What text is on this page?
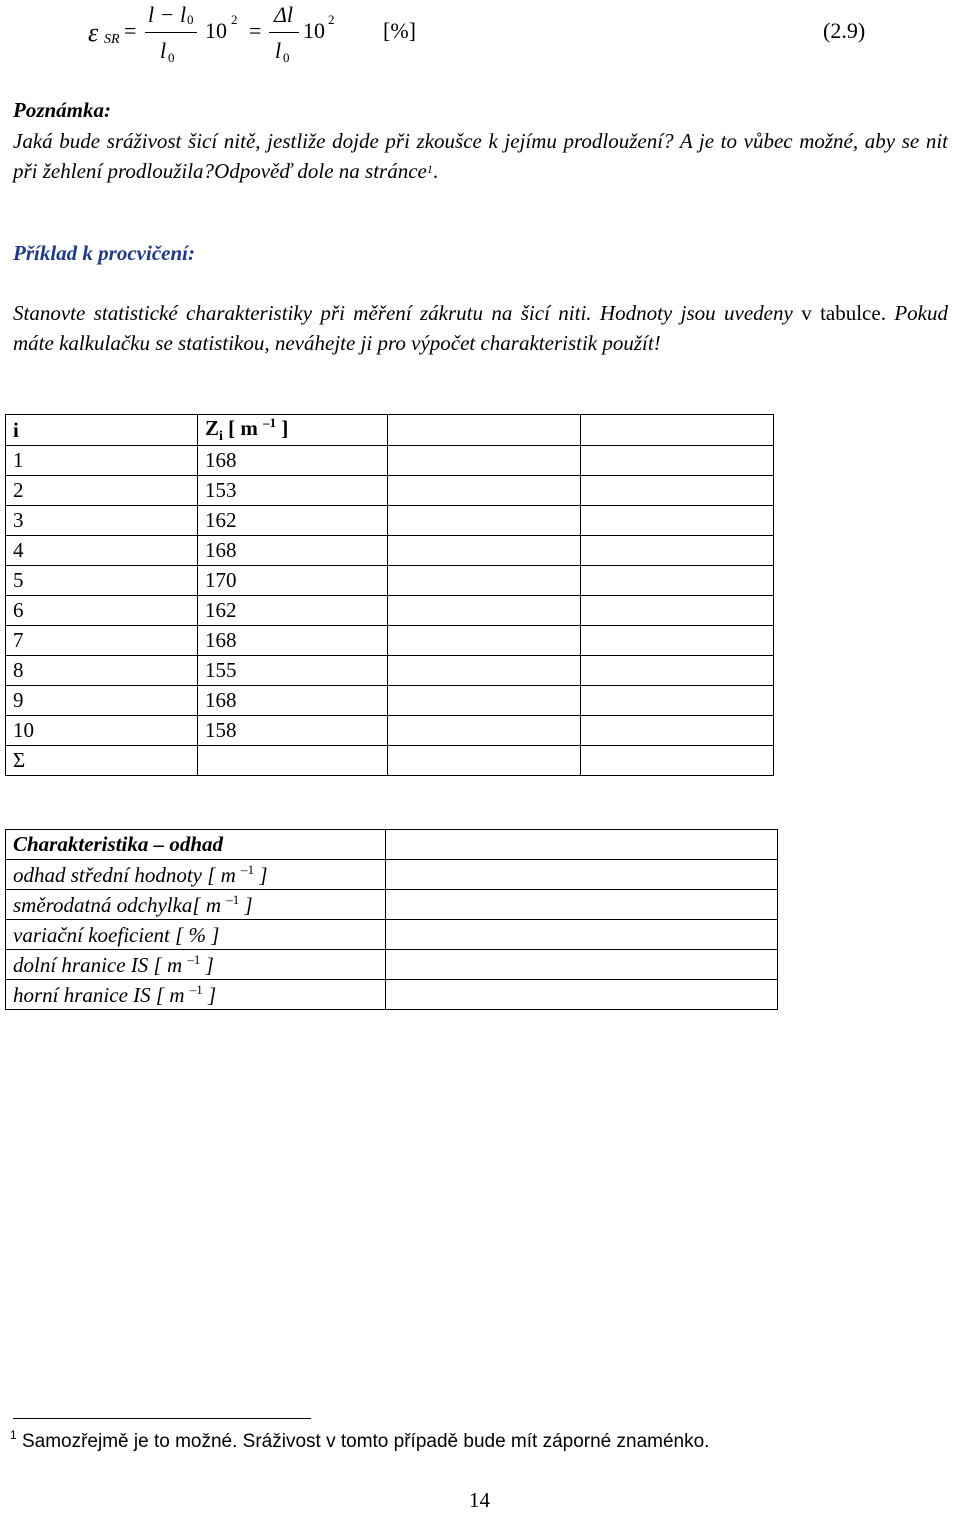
ε SR =
l − l 0
l 0
10 2 =
Δl
l 0
10 2 [%]	(2.9)
Poznámka:
Jaká bude sráživost šicí nitě, jestliže dojde při zkoušce k jejímu prodloužení? A je to vůbec možné, aby se nit při žehlení prodloužila?Odpověď dole na stránce$^1$.
Příklad k procvičení:
Stanovte statistické charakteristiky při měření zákrutu na šicí niti. Hodnoty jsou uvedeny v tabulce. Pokud máte kalkulačku se statistikou, neváhejte ji pro výpočet charakteristik použít!
i	$Z_i$ [ m $^{-1}$ ]		
1	168		
2	153		
3	162		
4	168		
5	170		
6	162		
7	168		
8	155		
9	168		
10	158		
Σ			
Charakteristika – odhad	
odhad střední hodnoty [ m $^{-1}$ ]	
směrodatná odchylka[ m $^{-1}$ ]	
variační koeficient [ % ]	
dolní hranice IS [ m $^{-1}$ ]	
horní hranice IS [ m $^{-1}$ ]	
$^1$ Samozřejmě je to možné. Sráživost v tomto případě bude mít záporné znaménko.
14
